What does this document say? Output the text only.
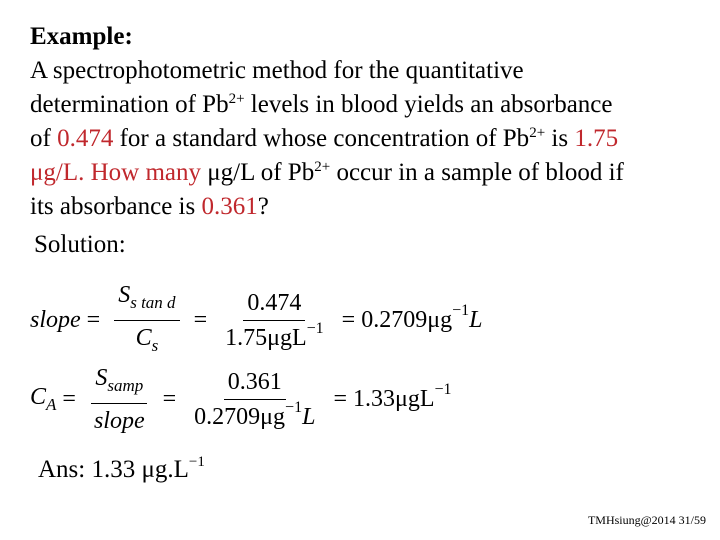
Example:
A spectrophotometric method for the quantitative
determination of $Pb^{2+}$ levels in blood yields an absorbance
of 0.474 for a standard whose concentration of $Pb^{2+}$ is 1.75
μg/L. How many μg/L of $Pb^{2+}$ occur in a sample of blood if
its absorbance is 0.361?
Solution:
slope = $\frac{S_{s tan d}}{C_s} = \frac{0.474}{1.75\mu gL^{-1}} = 0.2709\mu g^{-1}L$
$C_A = \frac{S_{samp}}{\text{slope}} = \frac{0.361}{0.2709\mu g^{-1}L} = 1.33\mu gL^{-1}$
Ans: 1.33 $\mu g.L^{-1}$
TMHsiung@2014 31/59
